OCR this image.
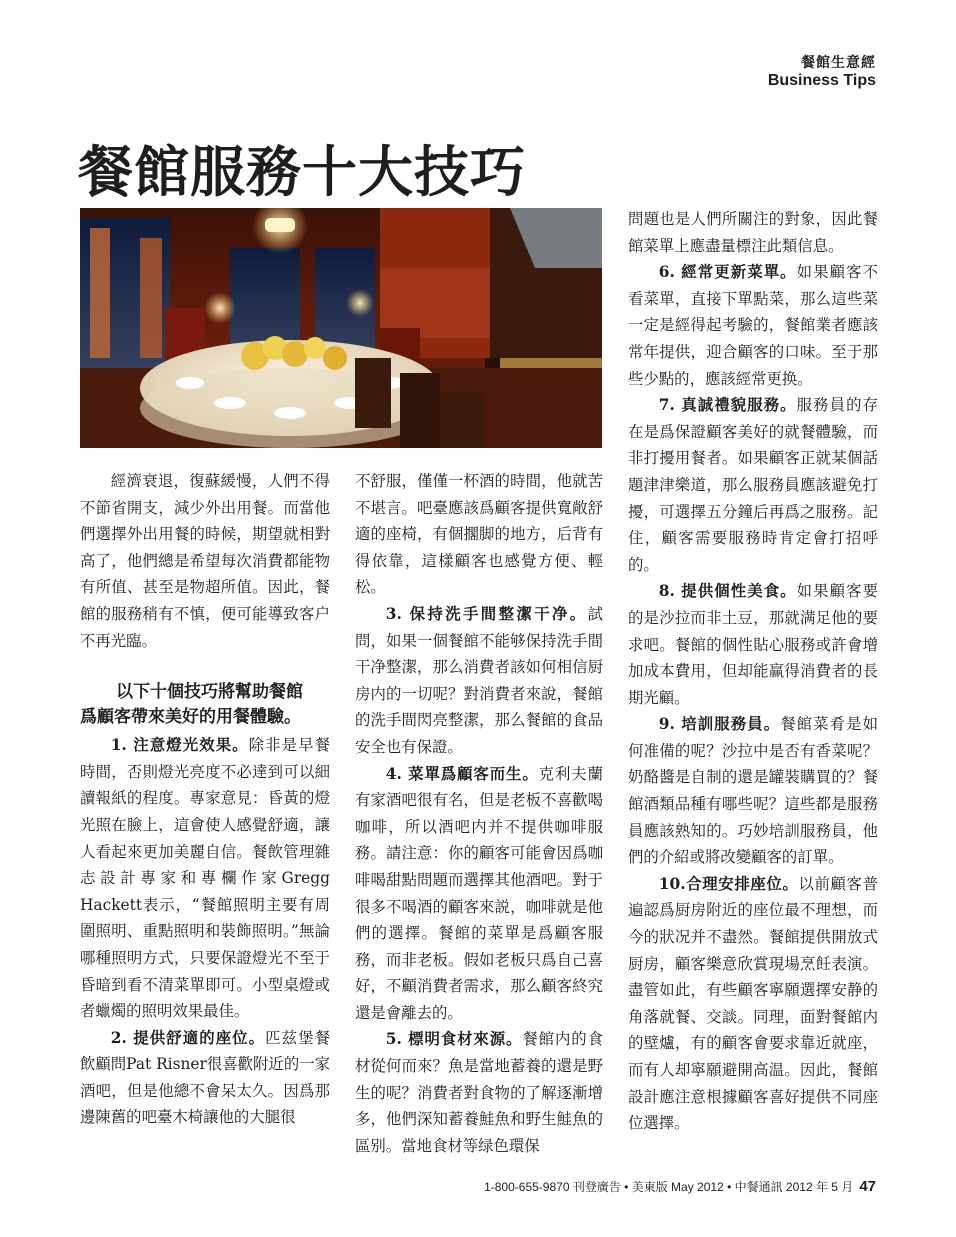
餐館生意經
Business Tips
餐館服務十大技巧

經濟衰退，復蘇緩慢，人們不得不節省開支，減少外出用餐。而當他們選擇外出用餐的時候，期望就相對高了，他們總是希望每次消費都能物有所值、甚至是物超所值。因此，餐館的服務稍有不慎，便可能導致客户不再光臨。

以下十個技巧將幫助餐館
爲顧客帶來美好的用餐體驗。

1. 注意燈光效果。除非是早餐時間，否則燈光亮度不必達到可以細讀報紙的程度。專家意見：昏黃的燈光照在臉上，這會使人感覺舒適，讓人看起來更加美麗自信。餐飲管理雜志設計專家和專欄作家Gregg Hackett表示，“餐館照明主要有周圍照明、重點照明和裝飾照明。”無論哪種照明方式，只要保證燈光不至于昏暗到看不清菜單即可。小型桌燈或者蠟燭的照明效果最佳。

2. 提供舒適的座位。匹兹堡餐飲顧問Pat Risner很喜歡附近的一家酒吧，但是他總不會呆太久。因爲那邊陳舊的吧臺木椅讓他的大腿很

不舒服，僅僅一杯酒的時間，他就苦不堪言。吧臺應該爲顧客提供寬敞舒適的座椅，有個擱脚的地方，后背有得依靠，這樣顧客也感覺方便、輕松。

3. 保持洗手間整潔干净。試問，如果一個餐館不能够保持洗手間干净整潔，那么消費者該如何相信厨房内的一切呢？對消費者來說，餐館的洗手間閃亮整潔，那么餐館的食品安全也有保證。

4. 菜單爲顧客而生。克利夫蘭有家酒吧很有名，但是老板不喜歡喝咖啡，所以酒吧内并不提供咖啡服務。請注意：你的顧客可能會因爲咖啡喝甜點問題而選擇其他酒吧。對于很多不喝酒的顧客來説，咖啡就是他們的選擇。餐館的菜單是爲顧客服務，而非老板。假如老板只爲自己喜好，不顧消費者需求，那么顧客終究還是會離去的。

5. 標明食材來源。餐館内的食材從何而來？魚是當地蓄養的還是野生的呢？消費者對食物的了解逐漸增多，他們深知蓄養鮭魚和野生鮭魚的區别。當地食材等绿色環保

問題也是人們所關注的對象，因此餐館菜單上應盡量標注此類信息。

6. 經常更新菜單。如果顧客不看菜單，直接下單點菜，那么這些菜一定是經得起考驗的，餐館業者應該常年提供，迎合顧客的口味。至于那些少點的，應該經常更换。

7. 真誠禮貌服務。服務員的存在是爲保證顧客美好的就餐體驗，而非打擾用餐者。如果顧客正就某個話題津津樂道，那么服務員應該避免打擾，可選擇五分鐘后再爲之服務。記住，顧客需要服務時肯定會打招呼的。

8. 提供個性美食。如果顧客要的是沙拉而非土豆，那就满足他的要求吧。餐館的個性貼心服務或許會增加成本費用，但却能赢得消費者的長期光顧。

9. 培訓服務員。餐館菜肴是如何准備的呢？沙拉中是否有香菜呢？奶酪醬是自制的還是罐裝購買的？餐館酒類品種有哪些呢？這些都是服務員應該熟知的。巧妙培訓服務員，他們的介紹或將改變顧客的訂單。

10.合理安排座位。以前顧客普遍認爲厨房附近的座位最不理想，而今的狀况并不盡然。餐館提供開放式厨房，顧客樂意欣賞現場烹飪表演。盡管如此，有些顧客寧願選擇安静的角落就餐、交談。同理，面對餐館内的壁爐，有的顧客會要求靠近就座，而有人却寧願避開高温。因此，餐館設計應注意根據顧客喜好提供不同座位選擇。

1-800-655-9870 刊登廣告 • 美東版 May 2012 • 中餐通訊 2012 年 5 月 47
